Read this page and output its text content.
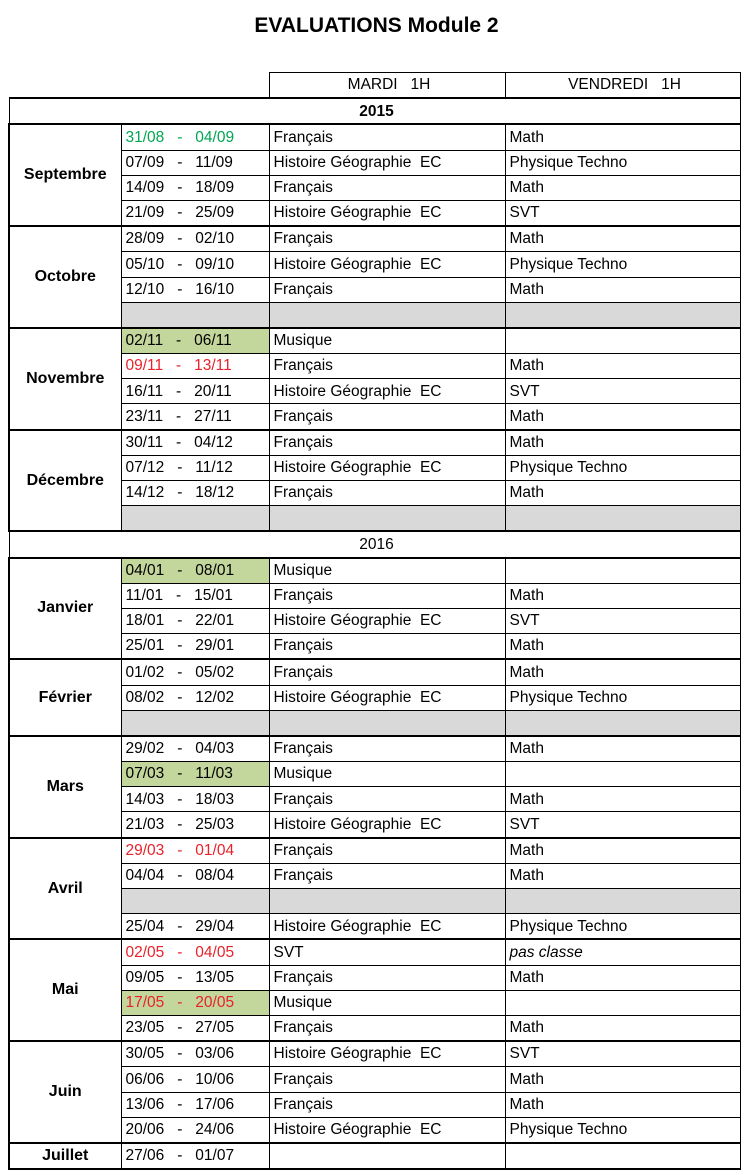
EVALUATIONS Module 2
		MARDI   1H	VENDREDI   1H
2015			
Septembre	31/08   -   04/09	Français	Math
	07/09   -   11/09	Histoire Géographie  EC	Physique Techno
	14/09   -   18/09	Français	Math
	21/09   -   25/09	Histoire Géographie  EC	SVT
Octobre	28/09   -   02/10	Français	Math
	05/10   -   09/10	Histoire Géographie  EC	Physique Techno
	12/10   -   16/10	Français	Math

Novembre	02/11   -   06/11	Musique	
	09/11   -   13/11	Français	Math
	16/11   -   20/11	Histoire Géographie  EC	SVT
	23/11   -   27/11	Français	Math
Décembre	30/11   -   04/12	Français	Math
	07/12   -   11/12	Histoire Géographie  EC	Physique Techno
	14/12   -   18/12	Français	Math

2016			
Janvier	04/01   -   08/01	Musique	
	11/01   -   15/01	Français	Math
	18/01   -   22/01	Histoire Géographie  EC	SVT
	25/01   -   29/01	Français	Math
Février	01/02   -   05/02	Français	Math
	08/02   -   12/02	Histoire Géographie  EC	Physique Techno

Mars	29/02   -   04/03	Français	Math
	07/03   -   11/03	Musique	
	14/03   -   18/03	Français	Math
	21/03   -   25/03	Histoire Géographie  EC	SVT
Avril	29/03   -   01/04	Français	Math
	04/04   -   08/04	Français	Math

	25/04   -   29/04	Histoire Géographie  EC	Physique Techno
Mai	02/05   -   04/05	SVT	pas classe
	09/05   -   13/05	Français	Math
	17/05   -   20/05	Musique	
	23/05   -   27/05	Français	Math
Juin	30/05   -   03/06	Histoire Géographie  EC	SVT
	06/06   -   10/06	Français	Math
	13/06   -   17/06	Français	Math
	20/06   -   24/06	Histoire Géographie  EC	Physique Techno
Juillet	27/06   -   01/07		
